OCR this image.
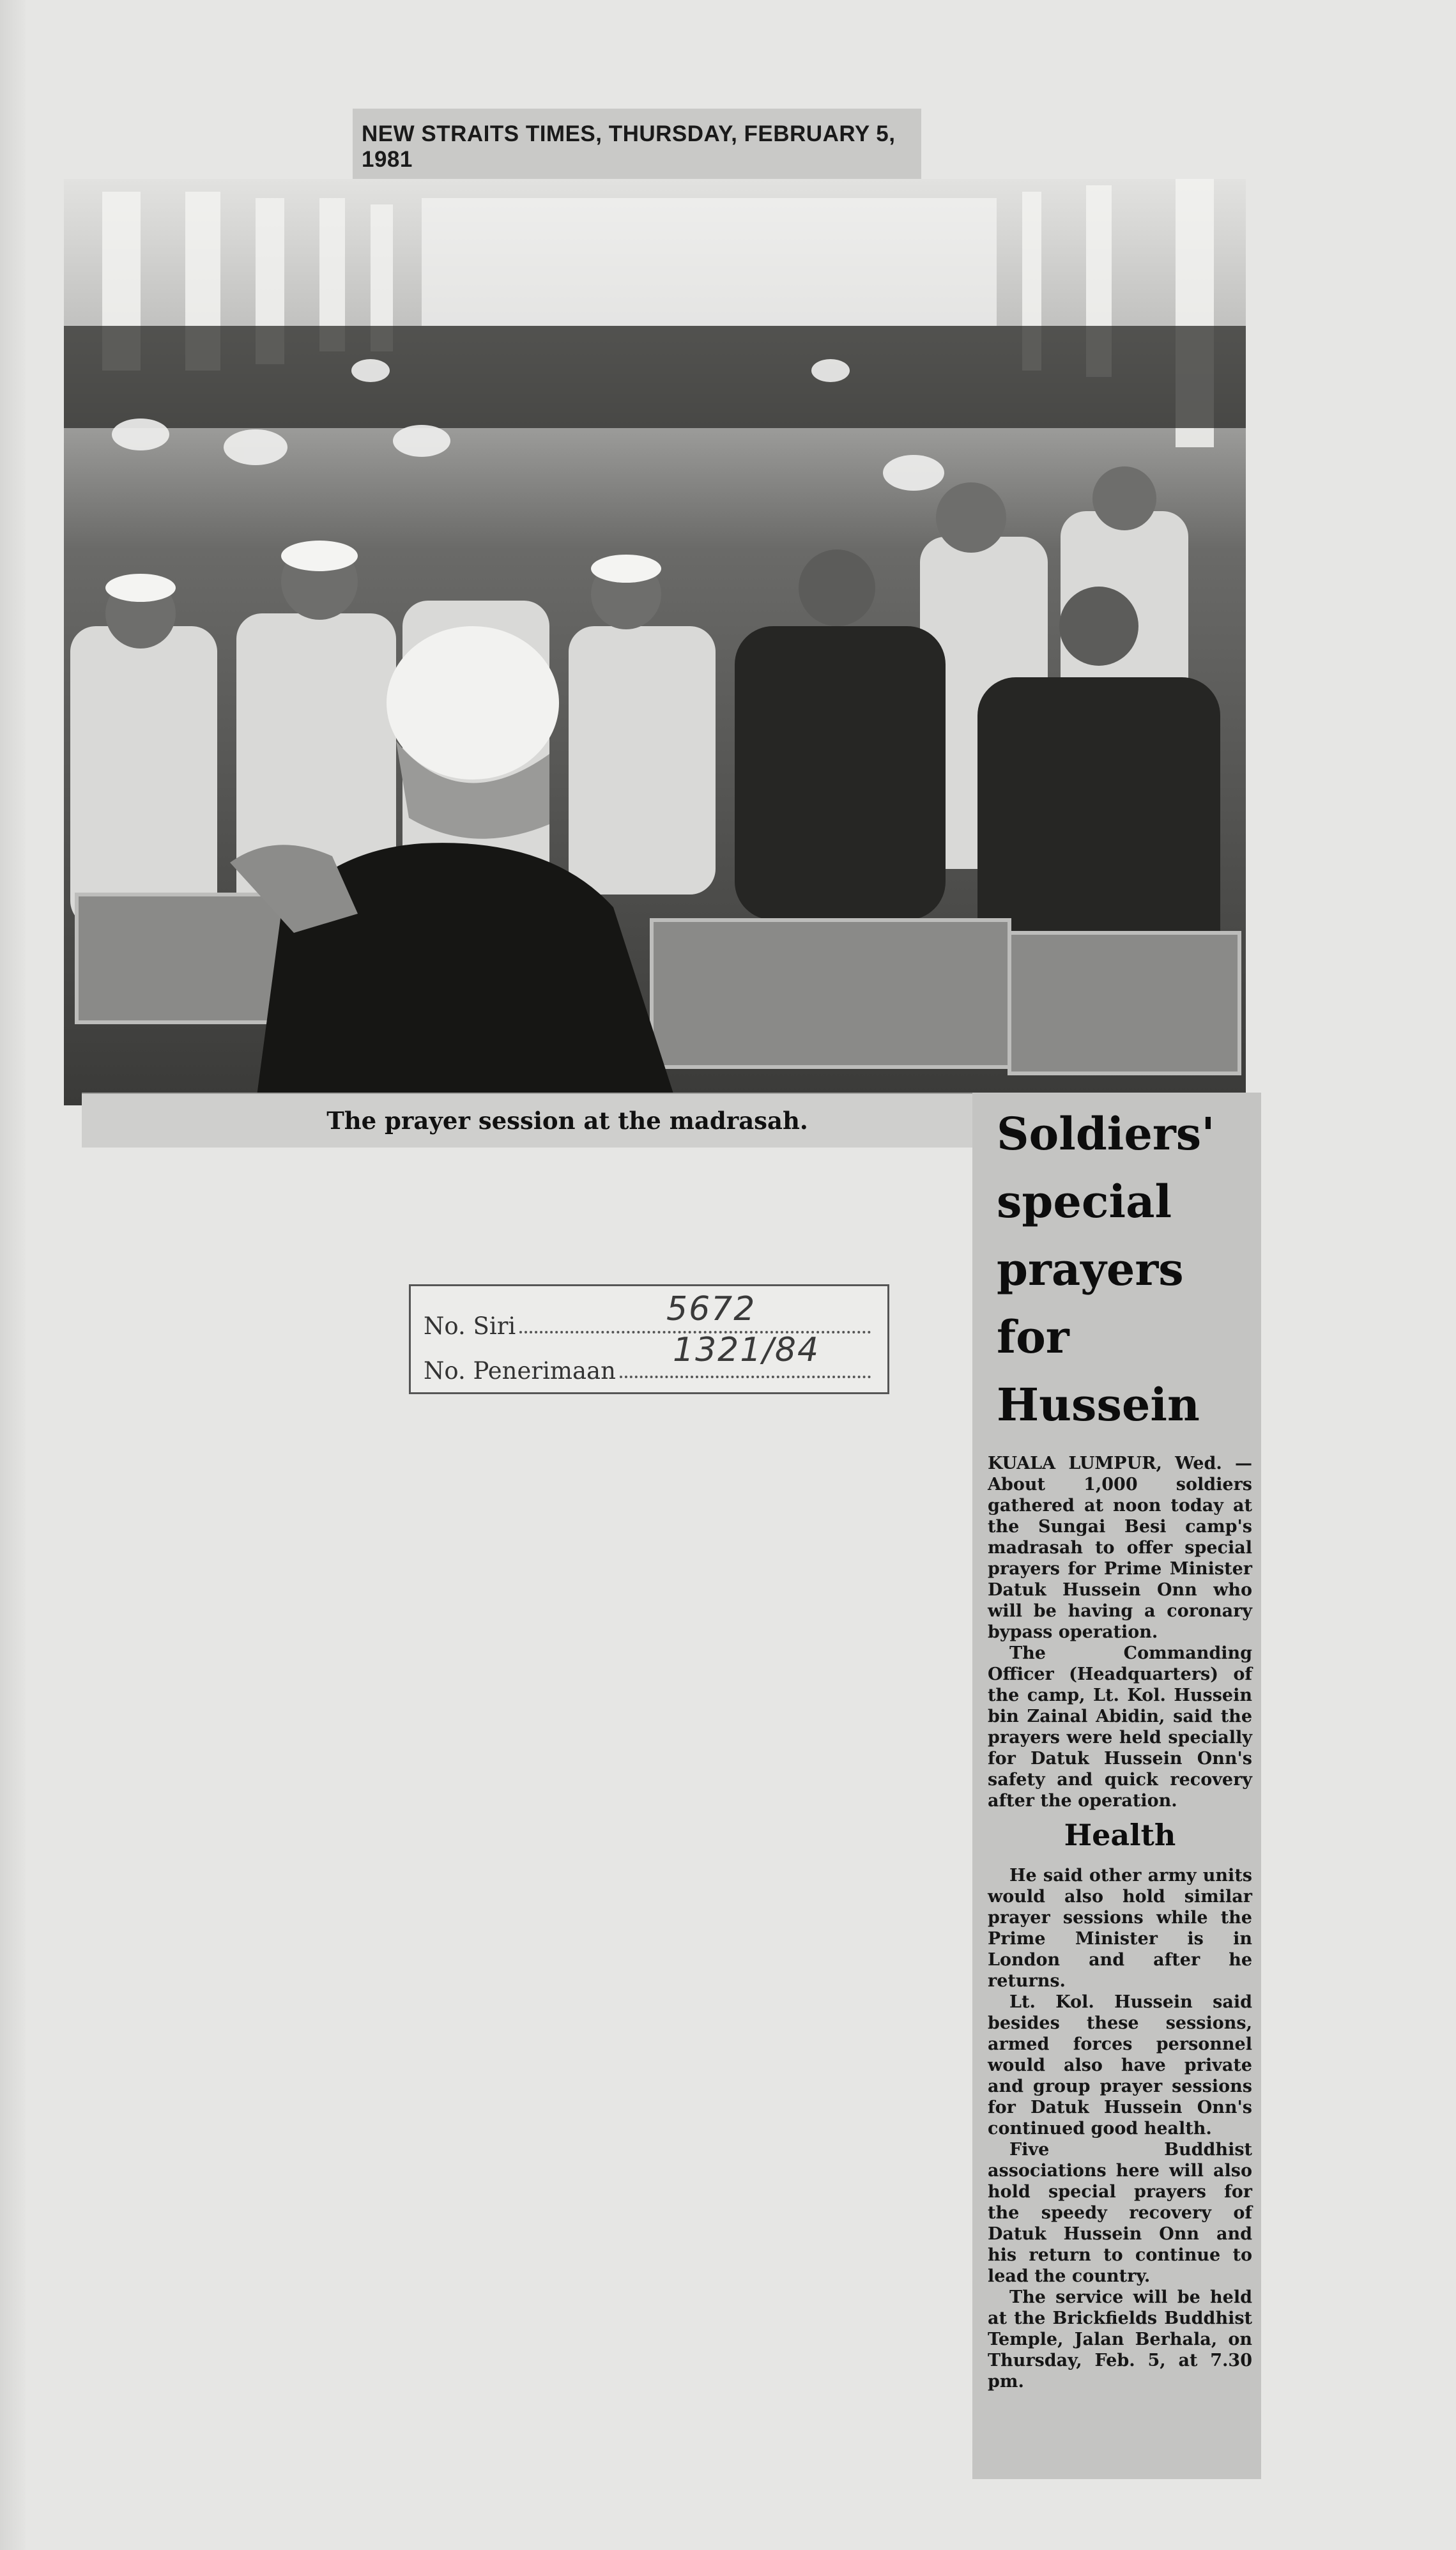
NEW STRAITS TIMES, THURSDAY, FEBRUARY 5, 1981
The prayer session at the madrasah.	Soldiers' special prayers for Hussein

KUALA LUMPUR, Wed. — About 1,000 soldiers gathered at noon today at the Sungai Besi camp's madrasah to offer special prayers for Prime Minister Datuk Hussein Onn who will be having a coronary bypass operation.

The Commanding Officer (Headquarters) of the camp, Lt. Kol. Hussein bin Zainal Abidin, said the prayers were held specially for Datuk Hussein Onn's safety and quick recovery after the operation.

Health

He said other army units would also hold similar prayer sessions while the Prime Minister is in London and after he returns.

Lt. Kol. Hussein said besides these sessions, armed forces personnel would also have private and group prayer sessions for Datuk Hussein Onn's continued good health.

Five Buddhist associations here will also hold special prayers for the speedy recovery of Datuk Hussein Onn and his return to continue to lead the country.

The service will be held at the Brickfields Buddhist Temple, Jalan Berhala, on Thursday, Feb. 5, at 7.30 pm.

No. Siri	5672
No. Penerimaan
1321/84
